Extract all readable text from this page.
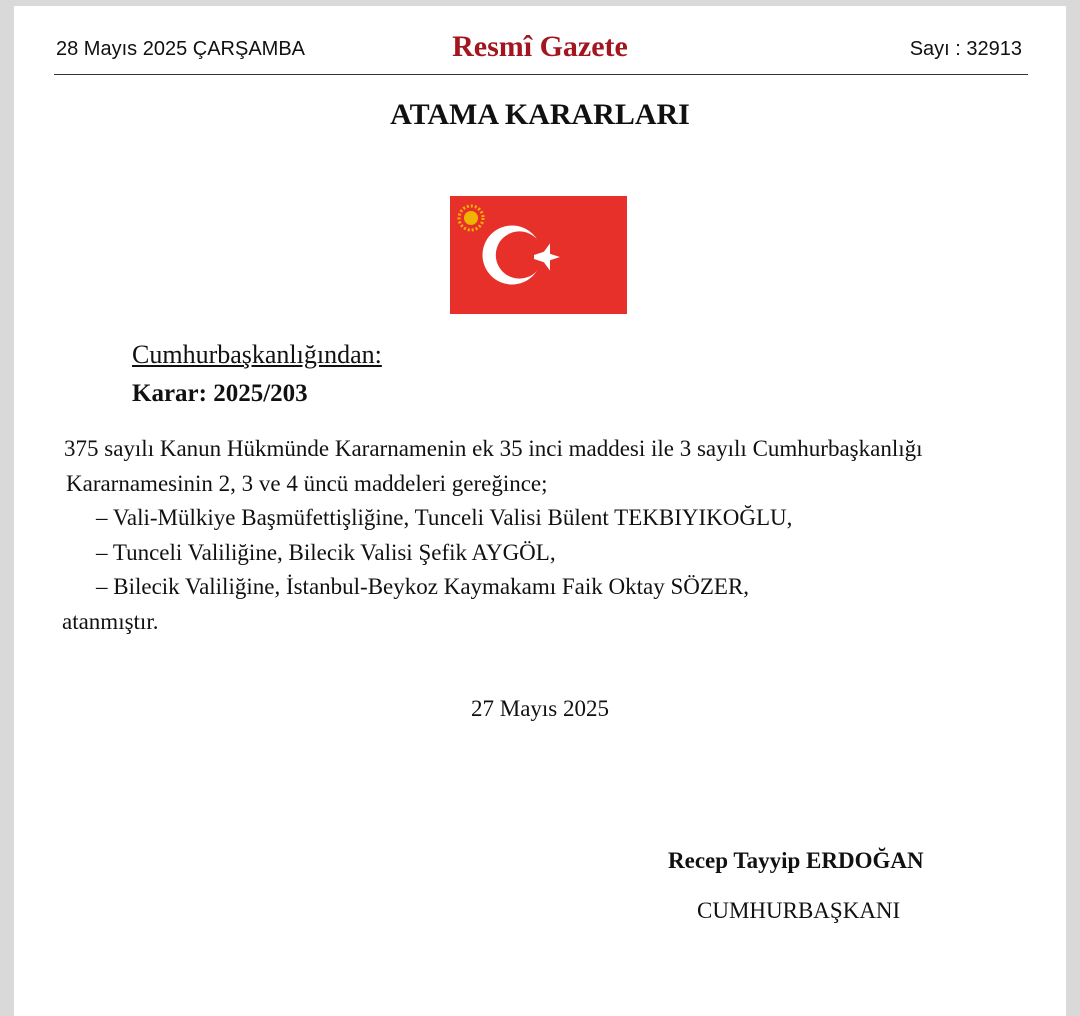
28 Mayıs 2025 ÇARŞAMBA	Resmî Gazete	Sayı : 32913
ATAMA KARARLARI
Cumhurbaşkanlığından:
Karar: 2025/203

375 sayılı Kanun Hükmünde Kararnamenin ek 35 inci maddesi ile 3 sayılı Cumhurbaşkanlığı

Kararnamesinin 2, 3 ve 4 üncü maddeleri gereğince;

– Vali-Mülkiye Başmüfettişliğine, Tunceli Valisi Bülent TEKBIYIKOĞLU,

– Tunceli Valiliğine, Bilecik Valisi Şefik AYGÖL,

– Bilecik Valiliğine, İstanbul-Beykoz Kaymakamı Faik Oktay SÖZER,

atanmıştır.

27 Mayıs 2025
Recep Tayyip ERDOĞAN
CUMHURBAŞKANI
